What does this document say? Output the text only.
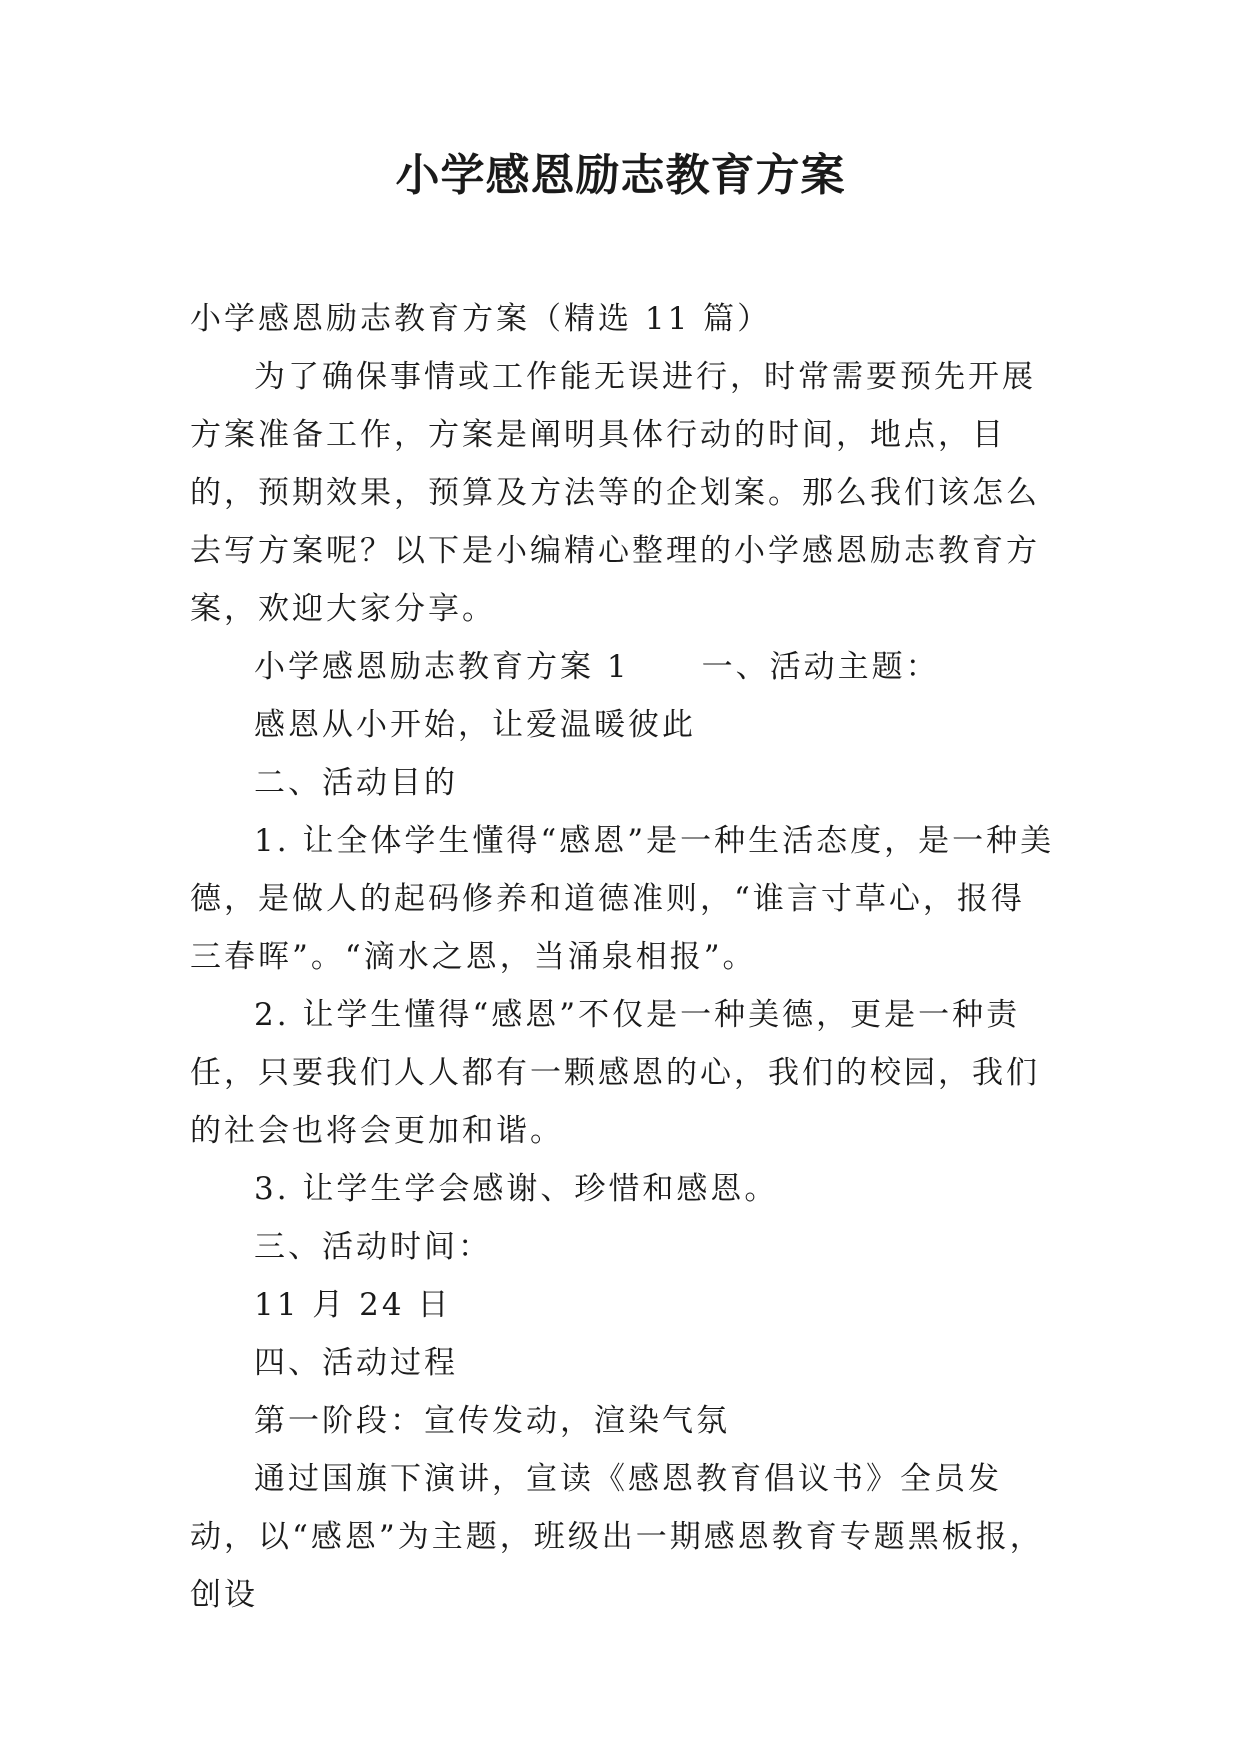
小学感恩励志教育方案

小学感恩励志教育方案（精选 11 篇）

为了确保事情或工作能无误进行，时常需要预先开展方案准备工作，方案是阐明具体行动的时间，地点，目的，预期效果，预算及方法等的企划案。那么我们该怎么去写方案呢？以下是小编精心整理的小学感恩励志教育方案，欢迎大家分享。

小学感恩励志教育方案 1 一、活动主题：

感恩从小开始，让爱温暖彼此

二、活动目的

1. 让全体学生懂得“感恩”是一种生活态度，是一种美德，是做人的起码修养和道德准则，“谁言寸草心，报得三春晖”。“滴水之恩，当涌泉相报”。

2. 让学生懂得“感恩”不仅是一种美德，更是一种责任，只要我们人人都有一颗感恩的心，我们的校园，我们的社会也将会更加和谐。

3. 让学生学会感谢、珍惜和感恩。

三、活动时间：

11 月 24 日

四、活动过程

第一阶段：宣传发动，渲染气氛

通过国旗下演讲，宣读《感恩教育倡议书》全员发动，以“感恩”为主题，班级出一期感恩教育专题黑板报，创设
